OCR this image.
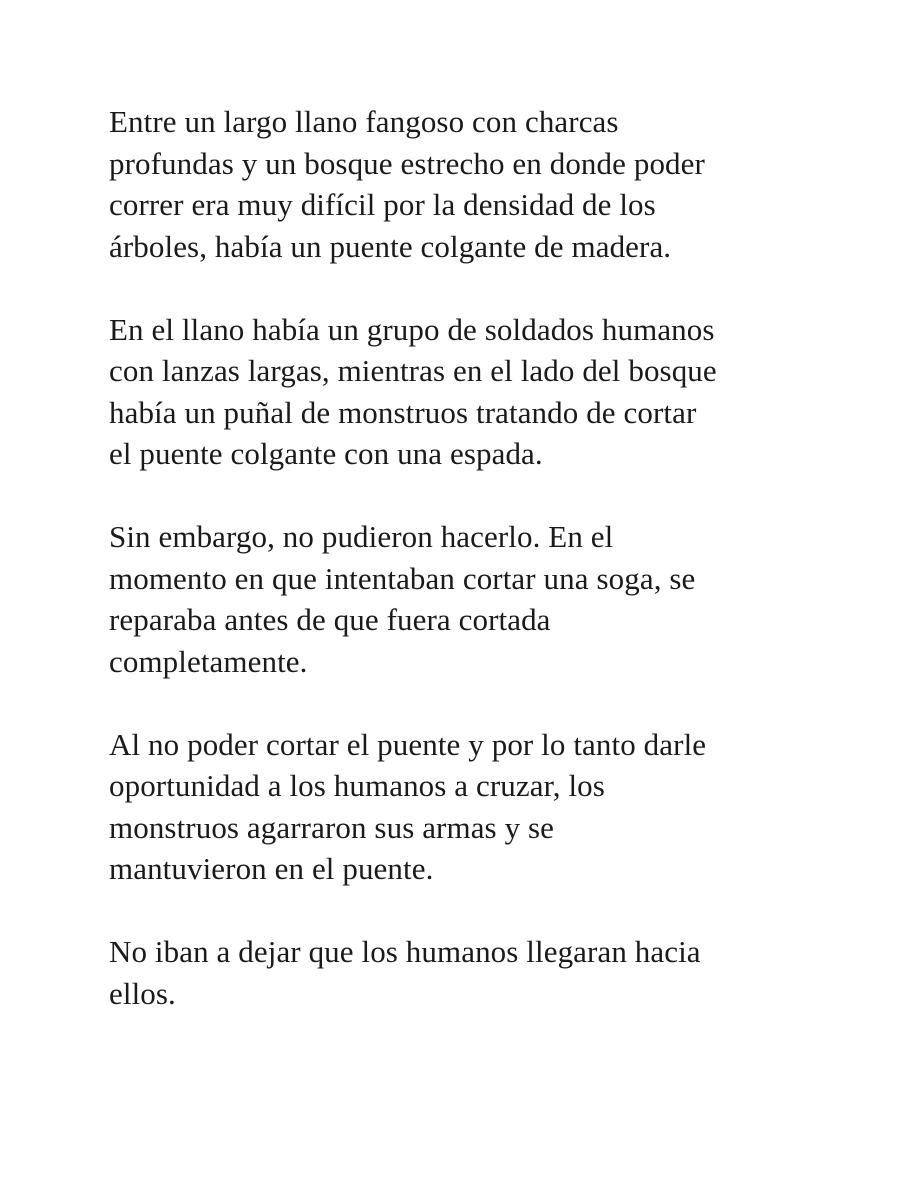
Entre un largo llano fangoso con charcas
profundas y un bosque estrecho en donde poder
correr era muy difícil por la densidad de los
árboles, había un puente colgante de madera.

En el llano había un grupo de soldados humanos
con lanzas largas, mientras en el lado del bosque
había un puñal de monstruos tratando de cortar
el puente colgante con una espada.

Sin embargo, no pudieron hacerlo. En el
momento en que intentaban cortar una soga, se
reparaba antes de que fuera cortada
completamente.

Al no poder cortar el puente y por lo tanto darle
oportunidad a los humanos a cruzar, los
monstruos agarraron sus armas y se
mantuvieron en el puente.

No iban a dejar que los humanos llegaran hacia
ellos.
